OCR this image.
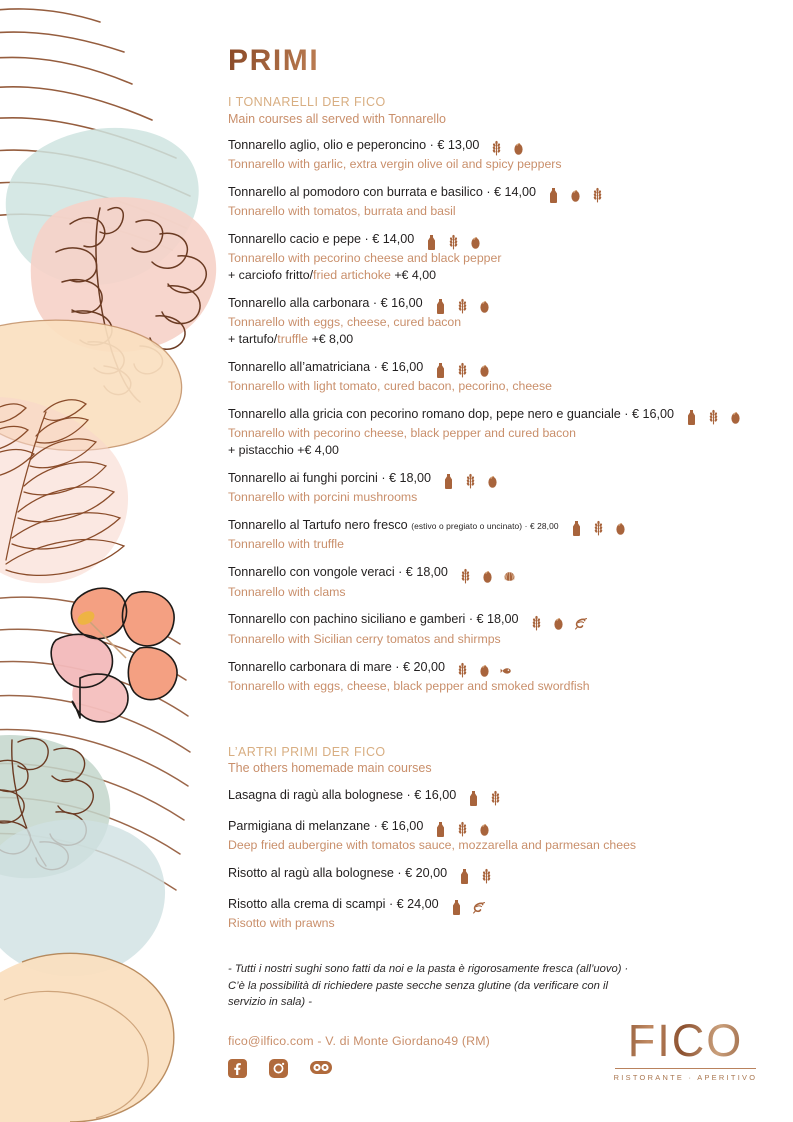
PRIMI
I TONNARELLI DER FICO
Main courses all served with Tonnarello
Tonnarello aglio, olio e peperoncino · € 13,00
Tonnarello with garlic, extra vergin olive oil and spicy peppers
Tonnarello al pomodoro con burrata e basilico · € 14,00
Tonnarello with tomatos, burrata and basil
Tonnarello cacio e pepe · € 14,00
Tonnarello with pecorino cheese and black pepper
+ carciofo fritto/fried artichoke +€ 4,00
Tonnarello alla carbonara · € 16,00
Tonnarello with eggs, cheese, cured bacon
+ tartufo/truffle +€ 8,00
Tonnarello all’amatriciana · € 16,00
Tonnarello with light tomato, cured bacon, pecorino, cheese
Tonnarello alla gricia con pecorino romano dop, pepe nero e guanciale · € 16,00
Tonnarello with pecorino cheese, black pepper and cured bacon
+ pistacchio +€ 4,00
Tonnarello ai funghi porcini · € 18,00
Tonnarello with porcini mushrooms
Tonnarello al Tartufo nero fresco (estivo o pregiato o uncinato) · € 28,00
Tonnarello with truffle
Tonnarello con vongole veraci · € 18,00
Tonnarello with clams
Tonnarello con pachino siciliano e gamberi · € 18,00
Tonnarello with Sicilian cerry tomatos and shirmps
Tonnarello carbonara di mare · € 20,00
Tonnarello with eggs, cheese, black pepper and smoked swordfish
L’ARTRI PRIMI DER FICO
The others homemade main courses
Lasagna di ragù alla bolognese · € 16,00
Parmigiana di melanzane · € 16,00
Deep fried aubergine with tomatos sauce, mozzarella and parmesan chees
Risotto al ragù alla bolognese · € 20,00
Risotto alla crema di scampi · € 24,00
Risotto with prawns
- Tutti i nostri sughi sono fatti da noi e la pasta è rigorosamente fresca (all’uovo) · C’è la possibilità di richiedere paste secche senza glutine (da verificare con il servizio in sala) -
fico@ilfico.com - V. di Monte Giordano49 (RM)	FICO
RISTORANTE · APERITIVO
